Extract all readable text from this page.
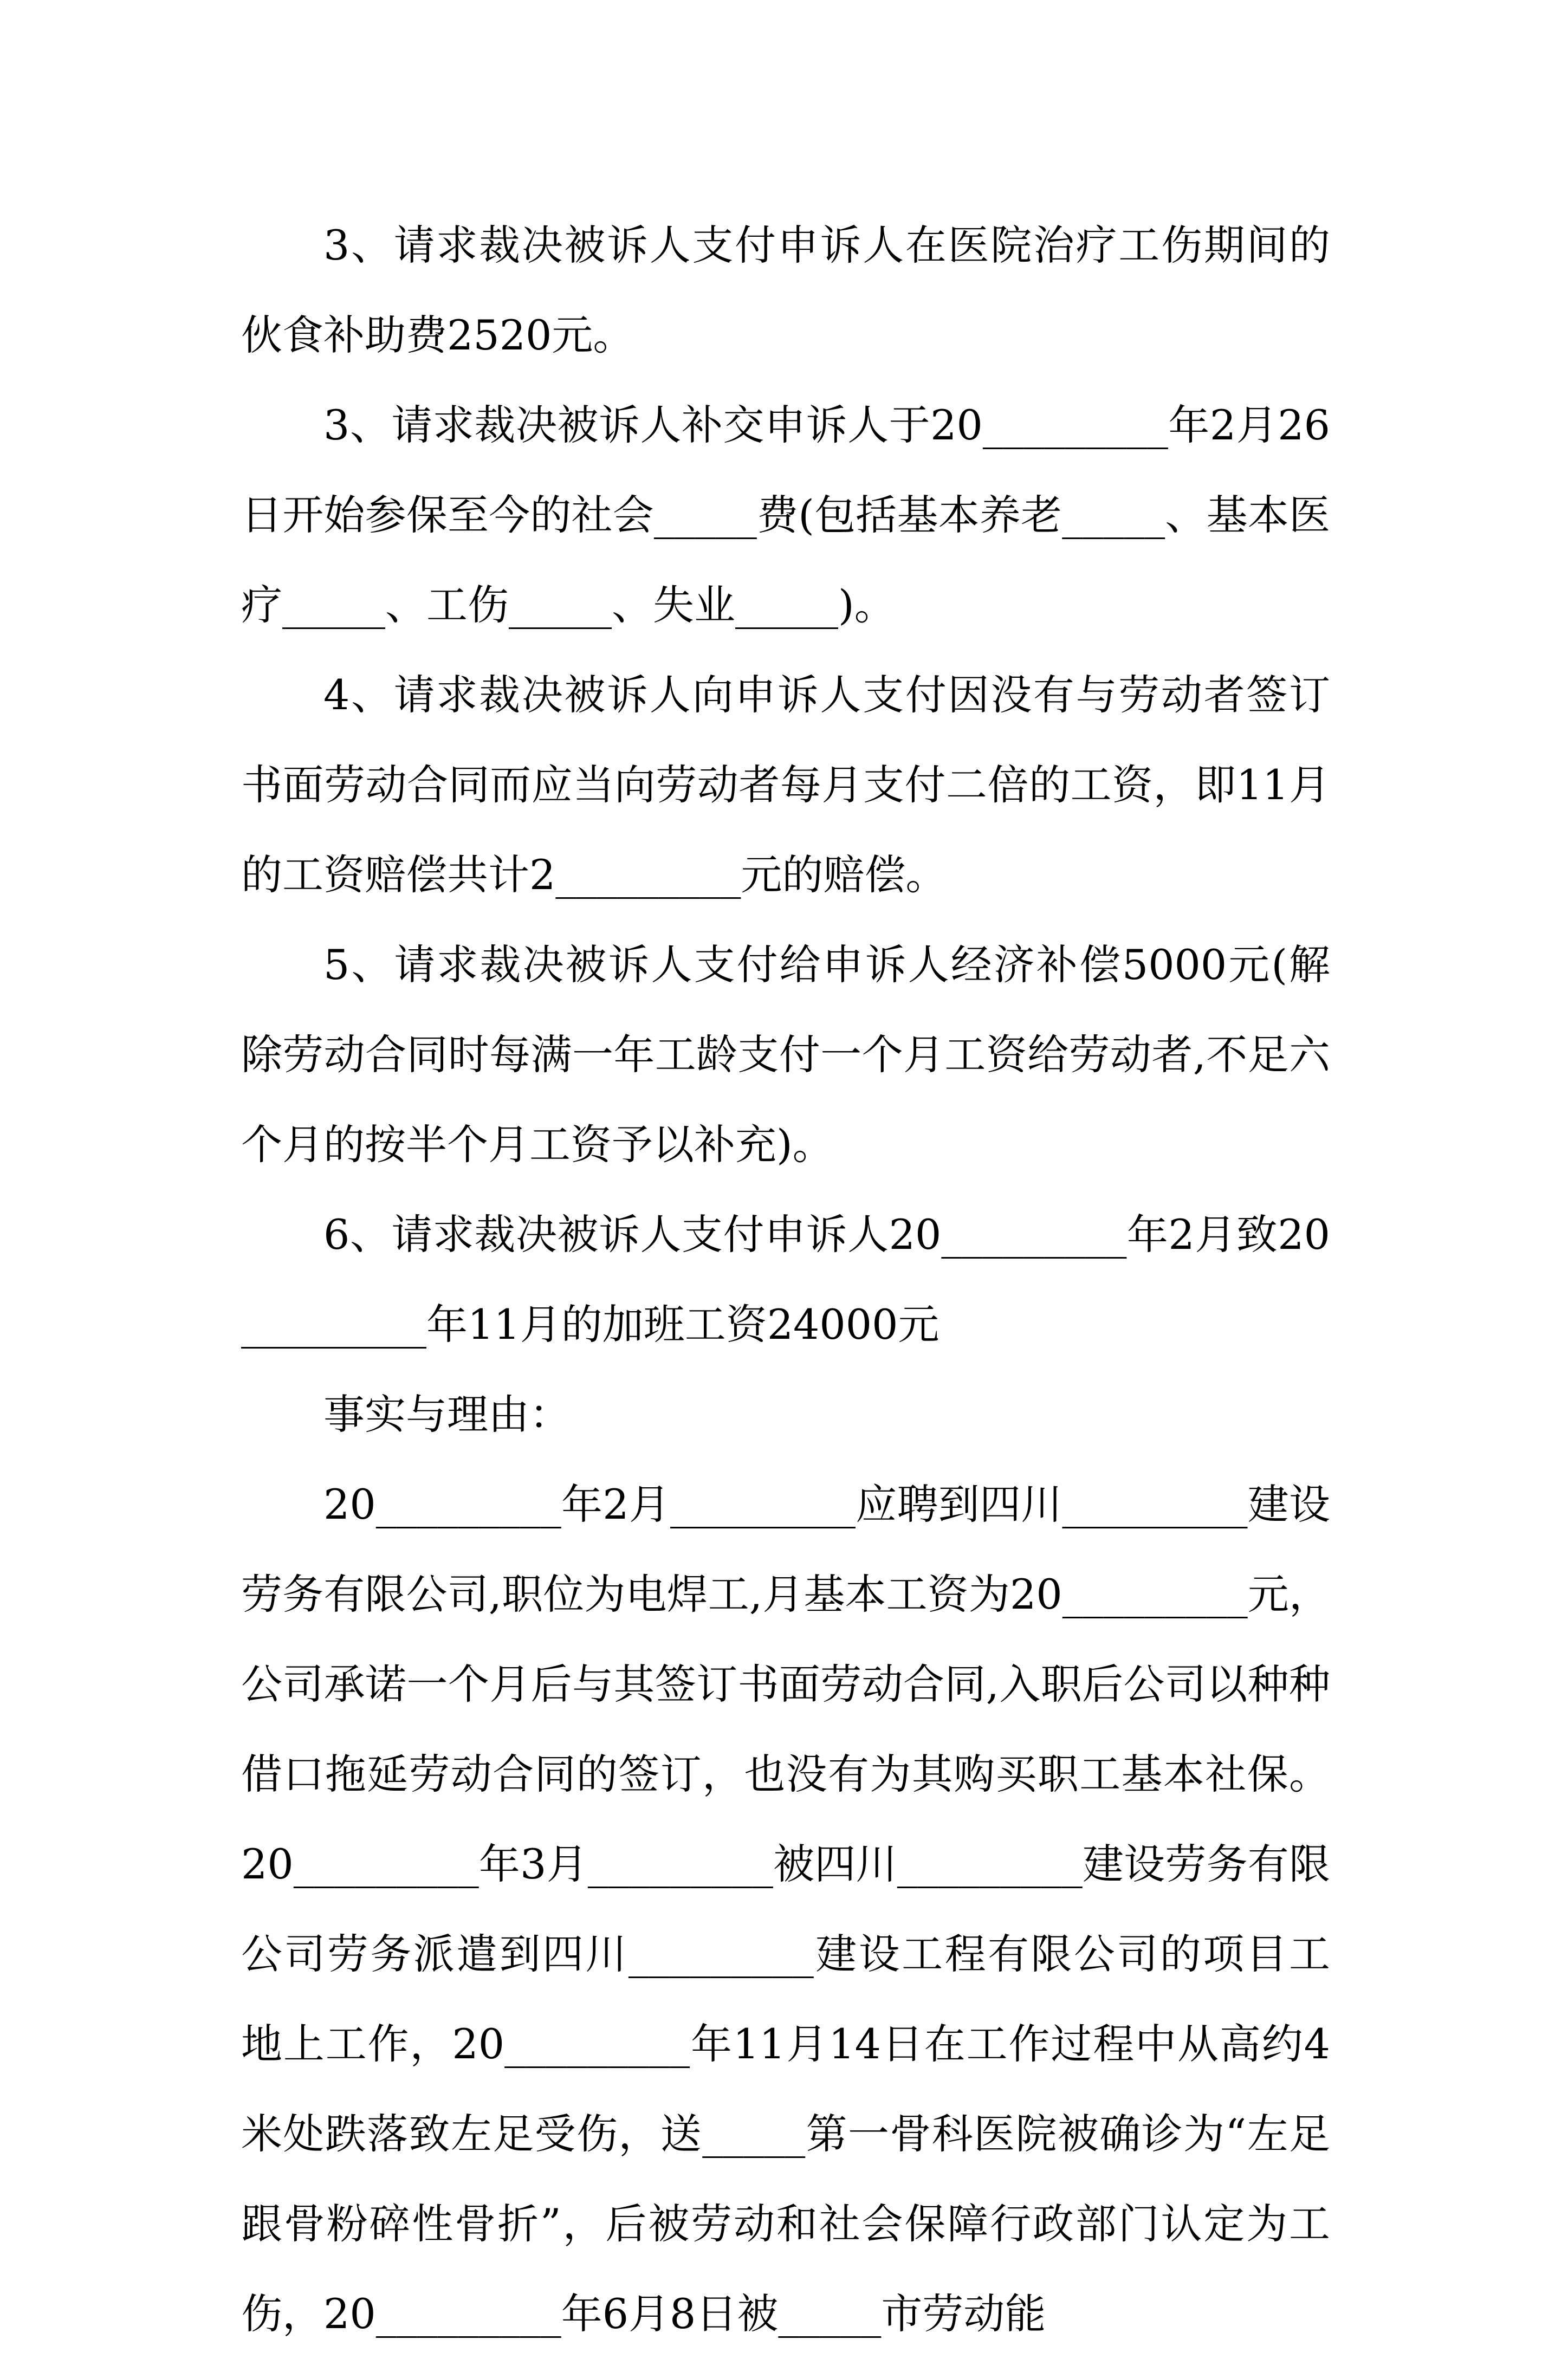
3、请求裁决被诉人支付申诉人在医院治疗工伤期间的伙食补助费2520元。

3、请求裁决被诉人补交申诉人于20_________年2月26日开始参保至今的社会_____费(包括基本养老_____、基本医疗_____、工伤_____、失业_____)。

4、请求裁决被诉人向申诉人支付因没有与劳动者签订书面劳动合同而应当向劳动者每月支付二倍的工资，即11月的工资赔偿共计2_________元的赔偿。

5、请求裁决被诉人支付给申诉人经济补偿5000元(解除劳动合同时每满一年工龄支付一个月工资给劳动者,不足六个月的按半个月工资予以补充)。

6、请求裁决被诉人支付申诉人20_________年2月致20_________年11月的加班工资24000元

事实与理由：

20_________年2月_________应聘到四川_________建设劳务有限公司,职位为电焊工,月基本工资为20_________元，公司承诺一个月后与其签订书面劳动合同,入职后公司以种种借口拖延劳动合同的签订，也没有为其购买职工基本社保。20_________年3月_________被四川_________建设劳务有限公司劳务派遣到四川_________建设工程有限公司的项目工地上工作，20_________年11月14日在工作过程中从高约4米处跌落致左足受伤，送_____第一骨科医院被确诊为“左足跟骨粉碎性骨折”，后被劳动和社会保障行政部门认定为工伤，20_________年6月8日被_____市劳动能
